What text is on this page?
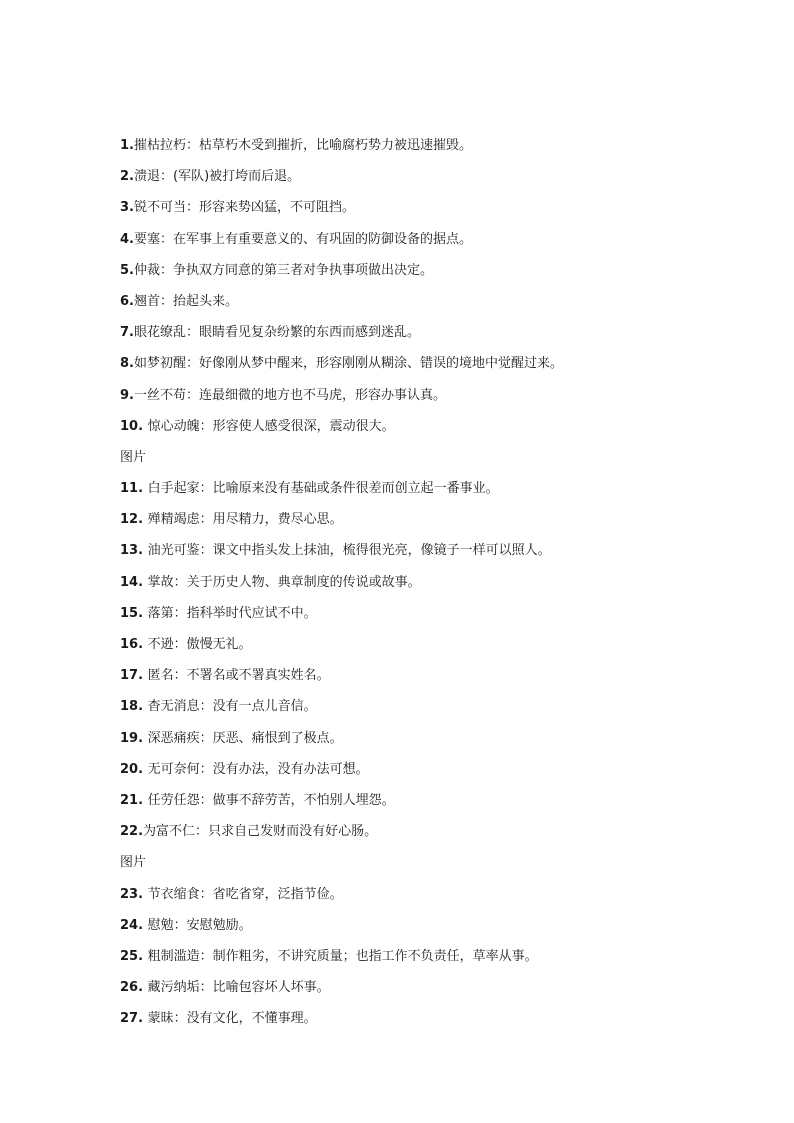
1.摧枯拉朽：枯草朽木受到摧折，比喻腐朽势力被迅速摧毁。
2.溃退：(军队)被打垮而后退。
3.锐不可当：形容来势凶猛，不可阻挡。
4.要塞：在军事上有重要意义的、有巩固的防御设备的据点。
5.仲裁：争执双方同意的第三者对争执事项做出决定。
6.翘首：抬起头来。
7.眼花缭乱：眼睛看见复杂纷繁的东西而感到迷乱。
8.如梦初醒：好像刚从梦中醒来，形容刚刚从糊涂、错误的境地中觉醒过来。
9.一丝不苟：连最细微的地方也不马虎，形容办事认真。
10. 惊心动魄：形容使人感受很深，震动很大。
图片
11. 白手起家：比喻原来没有基础或条件很差而创立起一番事业。
12. 殚精竭虑：用尽精力，费尽心思。
13. 油光可鉴：课文中指头发上抹油，梳得很光亮，像镜子一样可以照人。
14. 掌故：关于历史人物、典章制度的传说或故事。
15. 落第：指科举时代应试不中。
16. 不逊：傲慢无礼。
17. 匿名：不署名或不署真实姓名。
18. 杳无消息：没有一点儿音信。
19. 深恶痛疾：厌恶、痛恨到了极点。
20. 无可奈何：没有办法，没有办法可想。
21. 任劳任怨：做事不辞劳苦，不怕别人埋怨。
22.为富不仁：只求自己发财而没有好心肠。
图片
23. 节衣缩食：省吃省穿，泛指节俭。
24. 慰勉：安慰勉励。
25. 粗制滥造：制作粗劣，不讲究质量；也指工作不负责任，草率从事。
26. 藏污纳垢：比喻包容坏人坏事。
27. 蒙昧：没有文化，不懂事理。
